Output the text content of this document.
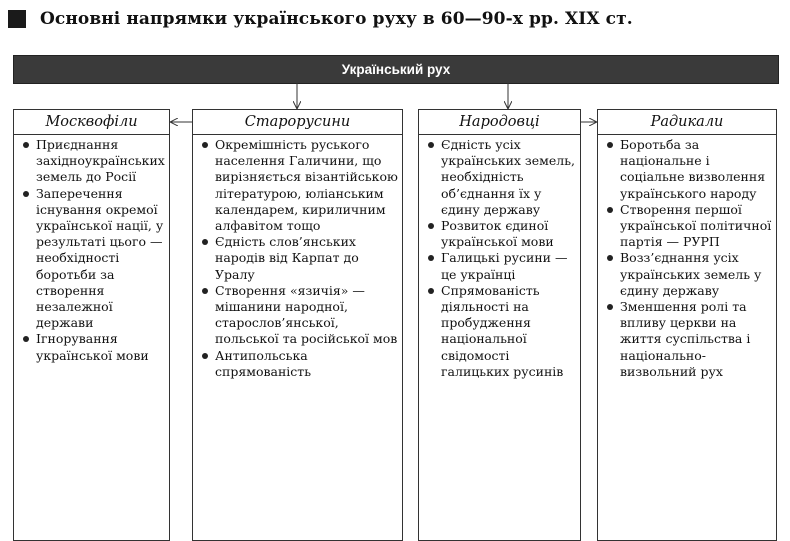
Основні напрямки українського руху в 60—90-х рр. XIX ст.
Український рух
Москвофіли
Приєднання західноукраїнських земель до Росії
Заперечення існування окремої української нації, у результаті цього — необхідності боротьби за створення незалежної держави
Ігнорування української мови
Старорусини
Окремішність руського населення Галичини, що вирізняється візантійською літературою, юліанським календарем, кириличним алфавітом тощо
Єдність слов’янських народів від Карпат до Уралу
Створення «язичія» — мішанини народної, старослов’янської, польської та російської мов
Антипольська спрямованість
Народовці
Єдність усіх українських земель, необхідність об’єднання їх у єдину державу
Розвиток єдиної української мови
Галицькі русини — це українці
Спрямованість діяльності на пробудження національної свідомості галицьких русинів
Радикали
Боротьба за національне і соціальне визволення українського народу
Створення першої української політичної партія — РУРП
Возз’єднання усіх українських земель у єдину державу
Зменшення ролі та впливу церкви на життя суспільства і національно-визвольний рух
